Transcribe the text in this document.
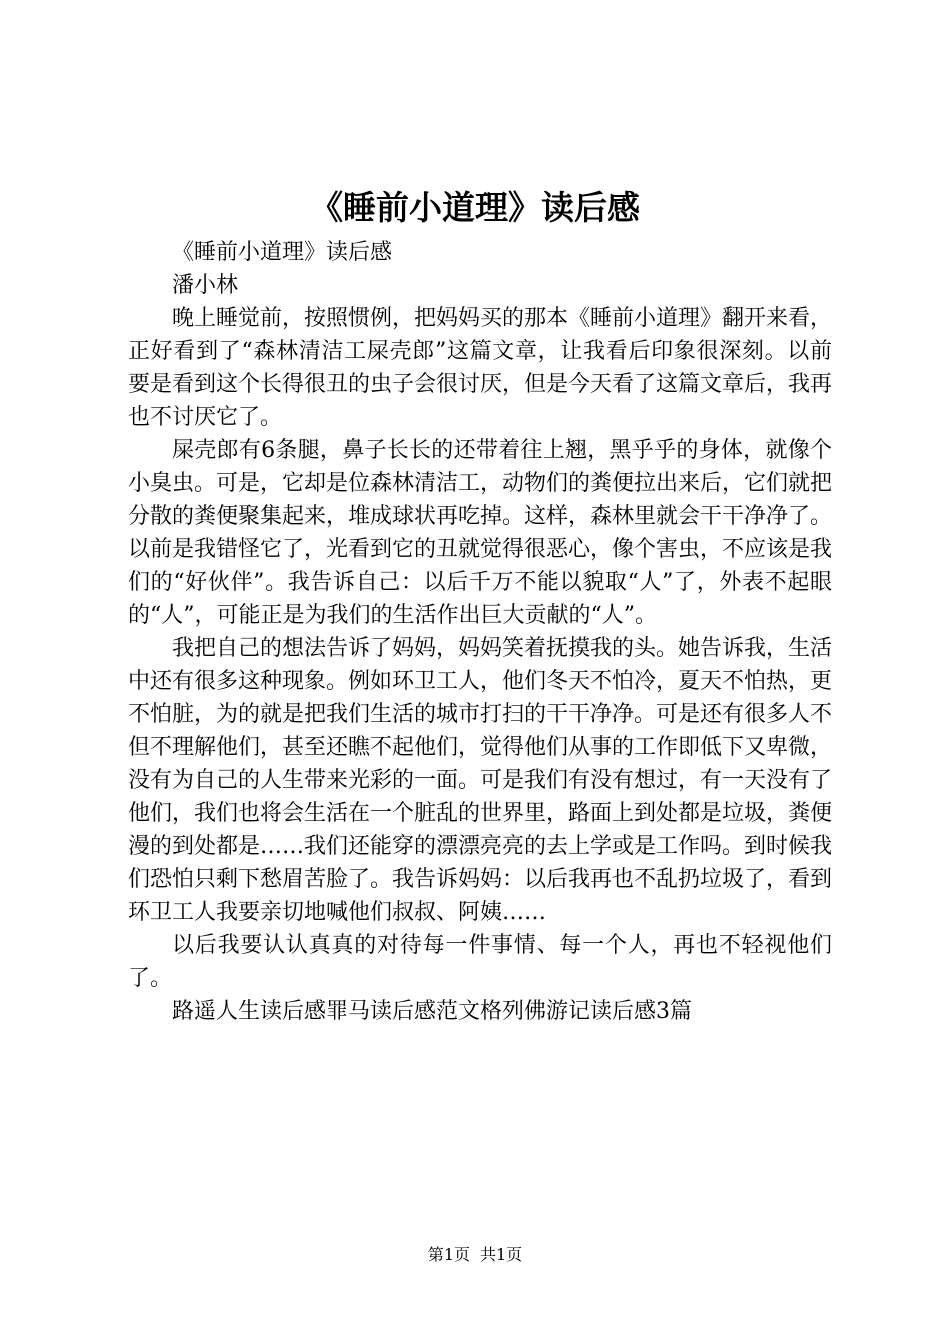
《睡前小道理》读后感

《睡前小道理》读后感

潘小林

晚上睡觉前，按照惯例，把妈妈买的那本《睡前小道理》翻开来看，正好看到了“森林清洁工屎壳郎”这篇文章，让我看后印象很深刻。以前要是看到这个长得很丑的虫子会很讨厌，但是今天看了这篇文章后，我再也不讨厌它了。

屎壳郎有6条腿，鼻子长长的还带着往上翘，黑乎乎的身体，就像个小臭虫。可是，它却是位森林清洁工，动物们的粪便拉出来后，它们就把分散的粪便聚集起来，堆成球状再吃掉。这样，森林里就会干干净净了。以前是我错怪它了，光看到它的丑就觉得很恶心，像个害虫，不应该是我们的“好伙伴”。我告诉自己：以后千万不能以貌取“人”了，外表不起眼的“人”，可能正是为我们的生活作出巨大贡献的“人”。

我把自己的想法告诉了妈妈，妈妈笑着抚摸我的头。她告诉我，生活中还有很多这种现象。例如环卫工人，他们冬天不怕冷，夏天不怕热，更不怕脏，为的就是把我们生活的城市打扫的干干净净。可是还有很多人不但不理解他们，甚至还瞧不起他们，觉得他们从事的工作即低下又卑微，没有为自己的人生带来光彩的一面。可是我们有没有想过，有一天没有了他们，我们也将会生活在一个脏乱的世界里，路面上到处都是垃圾，粪便漫的到处都是……我们还能穿的漂漂亮亮的去上学或是工作吗。到时候我们恐怕只剩下愁眉苦脸了。我告诉妈妈：以后我再也不乱扔垃圾了，看到环卫工人我要亲切地喊他们叔叔、阿姨……

以后我要认认真真的对待每一件事情、每一个人，再也不轻视他们了。

路遥人生读后感罪马读后感范文格列佛游记读后感3篇

第1页 共1页
